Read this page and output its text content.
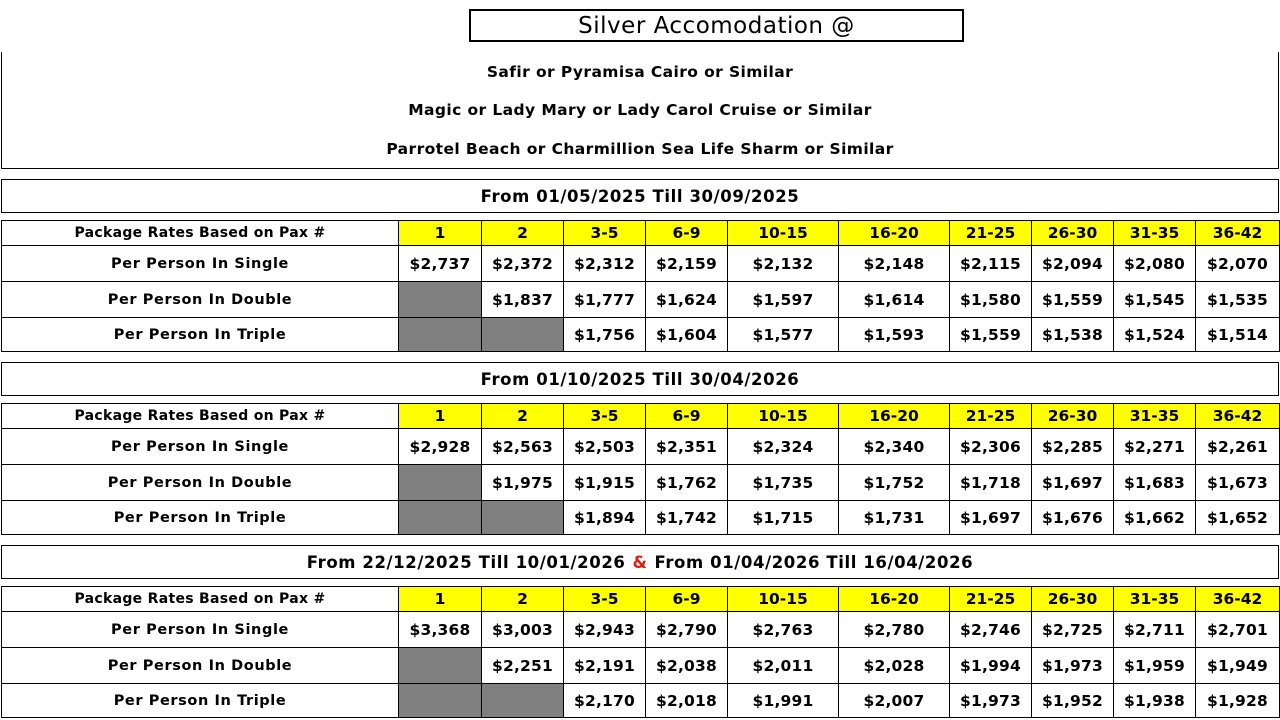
Silver Accomodation @
Safir or Pyramisa Cairo or Similar
Magic or Lady Mary or Lady Carol Cruise or Similar
Parrotel Beach or Charmillion Sea Life Sharm or Similar
From 01/05/2025 Till 30/09/2025
Package Rates Based on Pax #	1	2	3-5	6-9	10-15	16-20	21-25	26-30	31-35	36-42
Per Person In Single	$2,737	$2,372	$2,312	$2,159	$2,132	$2,148	$2,115	$2,094	$2,080	$2,070
Per Person In Double		$1,837	$1,777	$1,624	$1,597	$1,614	$1,580	$1,559	$1,545	$1,535
Per Person In Triple			$1,756	$1,604	$1,577	$1,593	$1,559	$1,538	$1,524	$1,514
From 01/10/2025 Till 30/04/2026
Package Rates Based on Pax #	1	2	3-5	6-9	10-15	16-20	21-25	26-30	31-35	36-42
Per Person In Single	$2,928	$2,563	$2,503	$2,351	$2,324	$2,340	$2,306	$2,285	$2,271	$2,261
Per Person In Double		$1,975	$1,915	$1,762	$1,735	$1,752	$1,718	$1,697	$1,683	$1,673
Per Person In Triple			$1,894	$1,742	$1,715	$1,731	$1,697	$1,676	$1,662	$1,652
From 22/12/2025 Till 10/01/2026 & From 01/04/2026 Till 16/04/2026
Package Rates Based on Pax #	1	2	3-5	6-9	10-15	16-20	21-25	26-30	31-35	36-42
Per Person In Single	$3,368	$3,003	$2,943	$2,790	$2,763	$2,780	$2,746	$2,725	$2,711	$2,701
Per Person In Double		$2,251	$2,191	$2,038	$2,011	$2,028	$1,994	$1,973	$1,959	$1,949
Per Person In Triple			$2,170	$2,018	$1,991	$2,007	$1,973	$1,952	$1,938	$1,928
